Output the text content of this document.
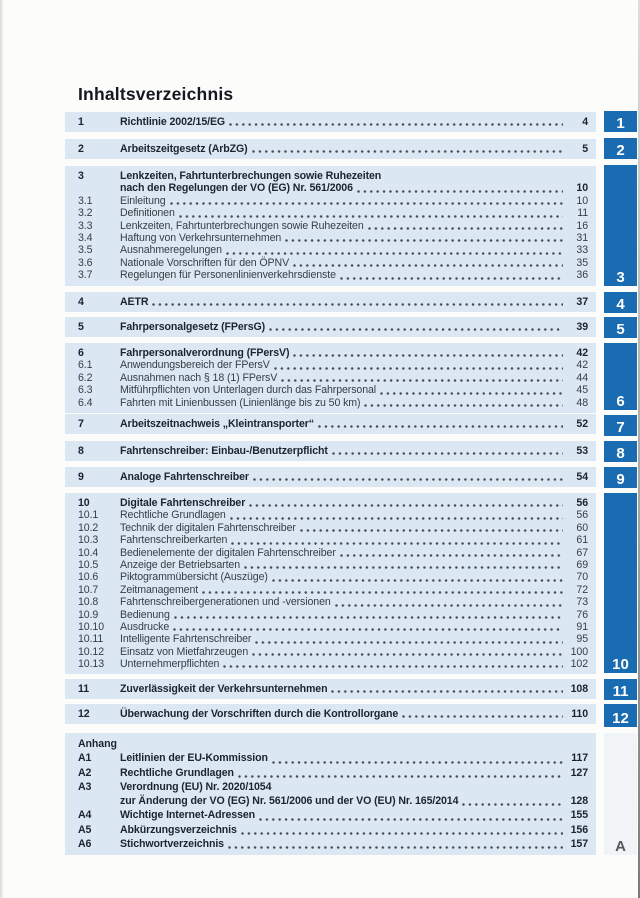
Inhaltsverzeichnis
1	Richtlinie 2002/15/EG	4
2	Arbeitszeitgesetz (ArbZG)	5
3	Lenkzeiten, Fahrtunterbrechungen sowie Ruhezeiten
nach den Regelungen der VO (EG) Nr. 561/2006	10
3.1	Einleitung	10
3.2	Definitionen	11
3.3	Lenkzeiten, Fahrtunterbrechungen sowie Ruhezeiten	16
3.4	Haftung von Verkehrsunternehmen	31
3.5	Ausnahmeregelungen	33
3.6	Nationale Vorschriften für den ÖPNV	35
3.7	Regelungen für Personenlinienverkehrsdienste	36
4	AETR	37
5	Fahrpersonalgesetz (FPersG)	39
6	Fahrpersonalverordnung (FPersV)	42
6.1	Anwendungsbereich der FPersV	42
6.2	Ausnahmen nach § 18 (1) FPersV	44
6.3	Mitführpflichten von Unterlagen durch das Fahrpersonal	45
6.4	Fahrten mit Linienbussen (Linienlänge bis zu 50 km)	48
7	Arbeitszeitnachweis „Kleintransporter“	52
8	Fahrtenschreiber: Einbau-/Benutzerpflicht	53
9	Analoge Fahrtenschreiber	54
10	Digitale Fahrtenschreiber	56
10.1	Rechtliche Grundlagen	56
10.2	Technik der digitalen Fahrtenschreiber	60
10.3	Fahrtenschreiberkarten	61
10.4	Bedienelemente der digitalen Fahrtenschreiber	67
10.5	Anzeige der Betriebsarten	69
10.6	Piktogrammübersicht (Auszüge)	70
10.7	Zeitmanagement	72
10.8	Fahrtenschreibergenerationen und -versionen	73
10.9	Bedienung	76
10.10	Ausdrucke	91
10.11	Intelligente Fahrtenschreiber	95
10.12	Einsatz von Mietfahrzeugen	100
10.13	Unternehmerpflichten	102
11	Zuverlässigkeit der Verkehrsunternehmen	108
12	Überwachung der Vorschriften durch die Kontrollorgane	110
Anhang
A1	Leitlinien der EU-Kommission	117
A2	Rechtliche Grundlagen	127
A3	Verordnung (EU) Nr. 2020/1054
zur Änderung der VO (EG) Nr. 561/2006 und der VO (EU) Nr. 165/2014	128
A4	Wichtige Internet-Adressen	155
A5	Abkürzungsverzeichnis	156
A6	Stichwortverzeichnis	157
1
2
3
4
5
6
7
8
9
10
11
12
A
